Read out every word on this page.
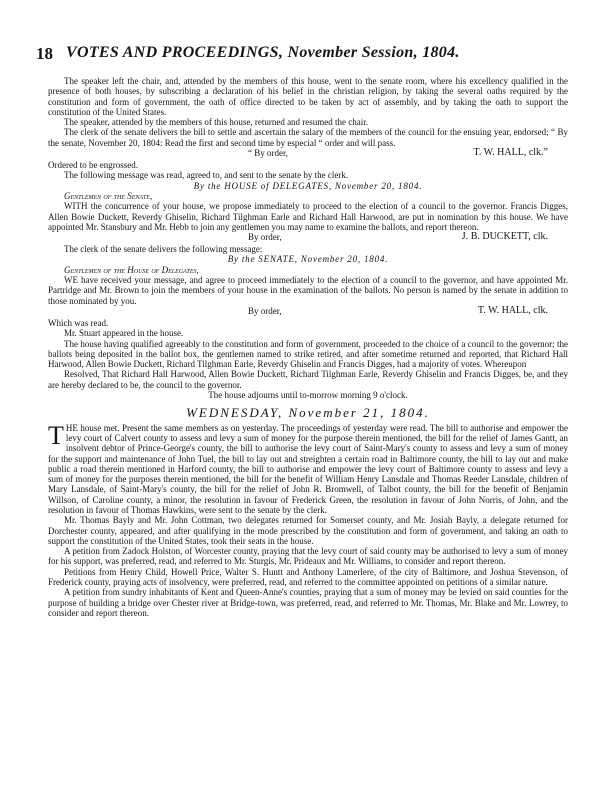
18 VOTES AND PROCEEDINGS, November Session, 1804.

The speaker left the chair, and, attended by the members of this house, went to the senate room, where his excellency qualified in the presence of both houses, by subscribing a declaration of his belief in the christian religion, by taking the several oaths required by the constitution and form of government, the oath of office directed to be taken by act of assembly, and by taking the oath to support the constitution of the United States.

The speaker, attended by the members of this house, returned and resumed the chair.

The clerk of the senate delivers the bill to settle and ascertain the salary of the members of the council for the ensuing year, endorsed; “ By the senate, November 20, 1804: Read the first and second time by especial “ order and will pass.

“ By order,	T. W. HALL, clk.”

Ordered to be engrossed.

The following message was read, agreed to, and sent to the senate by the clerk.

By the HOUSE of DELEGATES, November 20, 1804.

Gentlemen of the Senate,

WITH the concurrence of your house, we propose immediately to proceed to the election of a council to the governor. Francis Digges, Allen Bowie Duckett, Reverdy Ghiselin, Richard Tilghman Earle and Richard Hall Harwood, are put in nomination by this house. We have appointed Mr. Stansbury and Mr. Hebb to join any gentlemen you may name to examine the ballots, and report thereon.

By order,	J. B. DUCKETT, clk.

The clerk of the senate delivers the following message:

By the SENATE, November 20, 1804.

Gentlemen of the House of Delegates,

WE have received your message, and agree to proceed immediately to the election of a council to the governor, and have appointed Mr. Partridge and Mr. Brown to join the members of your house in the examination of the ballots. No person is named by the senate in addition to those nominated by you.

By order,	T. W. HALL, clk.

Which was read.

Mr. Stuart appeared in the house.

The house having qualified agreeably to the constitution and form of government, proceeded to the choice of a council to the governor; the ballots being deposited in the ballot box, the gentlemen named to strike retired, and after sometime returned and reported, that Richard Hall Harwood, Allen Bowie Duckett, Richard Tilghman Earle, Reverdy Ghiselin and Francis Digges, had a majority of votes. Whereupon

Resolved, That Richard Hall Harwood, Allen Bowie Duckett, Richard Tilghman Earle, Reverdy Ghiselin and Francis Digges, be, and they are hereby declared to be, the council to the governor.

The house adjourns until to-morrow morning 9 o'clock.

WEDNESDAY, November 21, 1804.

THE house met. Present the same members as on yesterday. The proceedings of yesterday were read. The bill to authorise and empower the levy court of Calvert county to assess and levy a sum of money for the purpose therein mentioned, the bill for the relief of James Gantt, an insolvent debtor of Prince-George's county, the bill to authorise the levy court of Saint-Mary's county to assess and levy a sum of money for the support and maintenance of John Tuel, the bill to lay out and streighten a certain road in Baltimore county, the bill to lay out and make public a road therein mentioned in Harford county, the bill to authorise and empower the levy court of Baltimore county to assess and levy a sum of money for the purposes therein mentioned, the bill for the benefit of William Henry Lansdale and Thomas Reeder Lansdale, children of Mary Lansdale, of Saint-Mary's county, the bill for the relief of John R. Bromwell, of Talbot county, the bill for the benefit of Benjamin Willson, of Caroline county, a minor, the resolution in favour of Frederick Green, the resolution in favour of John Norris, of John, and the resolution in favour of Thomas Hawkins, were sent to the senate by the clerk.

Mr. Thomas Bayly and Mr. John Cottman, two delegates returned for Somerset county, and Mr. Josiah Bayly, a delegate returned for Dorchester county, appeared, and after qualifying in the mode prescribed by the constitution and form of government, and taking an oath to support the constitution of the United States, took their seats in the house.

A petition from Zadock Holston, of Worcester county, praying that the levy court of said county may be authorised to levy a sum of money for his support, was preferred, read, and referred to Mr. Sturgis, Mr. Prideaux and Mr. Williams, to consider and report thereon.

Petitions from Henry Child, Howell Price, Walter S. Huntt and Anthony Lamerlere, of the city of Baltimore, and Joshua Stevenson, of Frederick county, praying acts of insolvency, were preferred, read, and referred to the committee appointed on petitions of a similar nature.

A petition from sundry inhabitants of Kent and Queen-Anne's counties, praying that a sum of money may be levied on said counties for the purpose of building a bridge over Chester river at Bridge-town, was preferred, read, and referred to Mr. Thomas, Mr. Blake and Mr. Lowrey, to consider and report thereon.
